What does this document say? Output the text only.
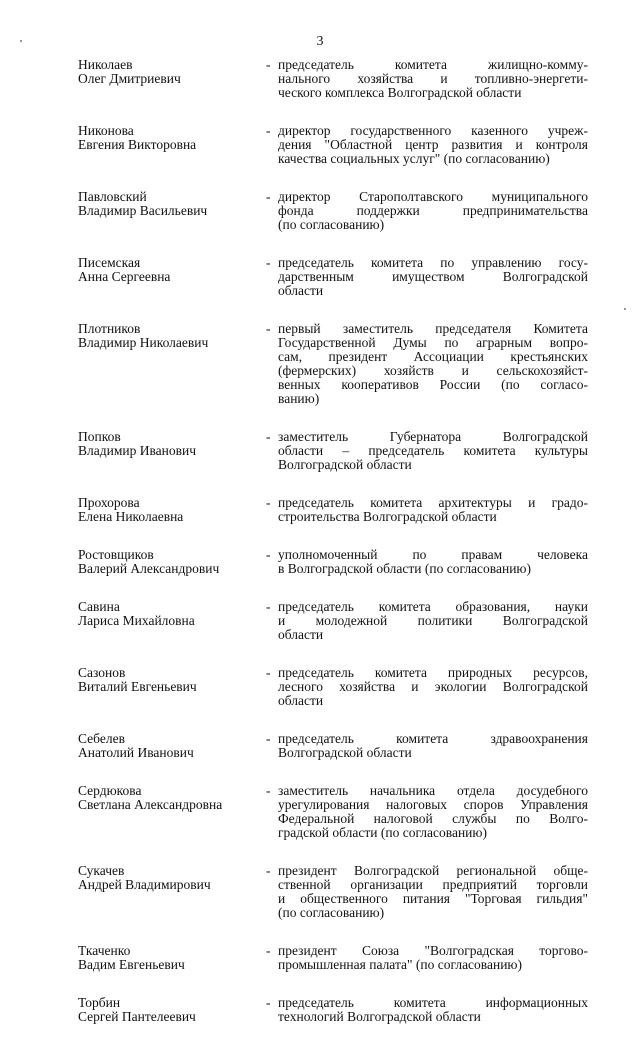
3
Николаев
Олег Дмитриевич
- председатель комитета жилищно-комму-
нального хозяйства и топливно-энергети-
ческого комплекса Волгоградской области
Никонова
Евгения Викторовна
- директор государственного казенного учреж-
дения "Областной центр развития и контроля
качества социальных услуг" (по согласованию)
Павловский
Владимир Васильевич
- директор Старополтавского муниципального
фонда поддержки предпринимательства
(по согласованию)
Писемская
Анна Сергеевна
- председатель комитета по управлению госу-
дарственным имуществом Волгоградской
области
Плотников
Владимир Николаевич
- первый заместитель председателя Комитета
Государственной Думы по аграрным вопро-
сам, президент Ассоциации крестьянских
(фермерских) хозяйств и сельскохозяйст-
венных кооперативов России (по согласо-
ванию)
Попков
Владимир Иванович
- заместитель Губернатора Волгоградской
области – председатель комитета культуры
Волгоградской области
Прохорова
Елена Николаевна
- председатель комитета архитектуры и градо-
строительства Волгоградской области
Ростовщиков
Валерий Александрович
- уполномоченный по правам человека
в Волгоградской области (по согласованию)
Савина
Лариса Михайловна
- председатель комитета образования, науки
и молодежной политики Волгоградской
области
Сазонов
Виталий Евгеньевич
- председатель комитета природных ресурсов,
лесного хозяйства и экологии Волгоградской
области
Себелев
Анатолий Иванович
- председатель комитета здравоохранения
Волгоградской области
Сердюкова
Светлана Александровна
- заместитель начальника отдела досудебного
урегулирования налоговых споров Управления
Федеральной налоговой службы по Волго-
градской области (по согласованию)
Сукачев
Андрей Владимирович
- президент Волгоградской региональной обще-
ственной организации предприятий торговли
и общественного питания "Торговая гильдия"
(по согласованию)
Ткаченко
Вадим Евгеньевич
- президент Союза "Волгоградская торгово-
промышленная палата" (по согласованию)
Торбин
Сергей Пантелеевич
- председатель комитета информационных
технологий Волгоградской области
